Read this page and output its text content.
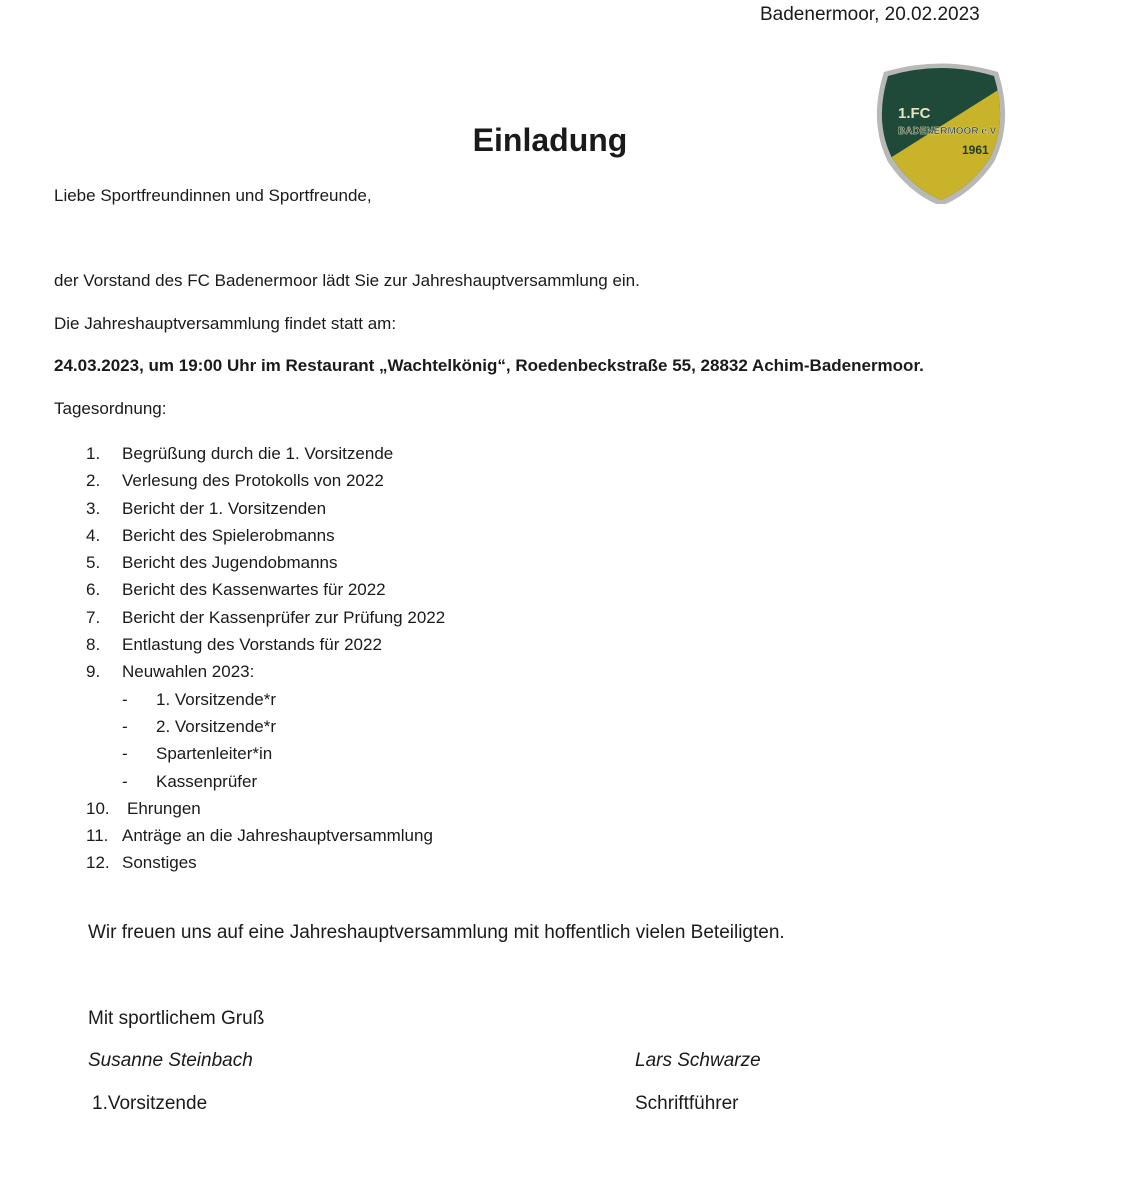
Badenermoor, 20.02.2023
1.FC
BADENERMOOR e.V
1961
Einladung
Liebe Sportfreundinnen und Sportfreunde,
der Vorstand des FC Badenermoor lädt Sie zur Jahreshauptversammlung ein.
Die Jahreshauptversammlung findet statt am:
24.03.2023, um 19:00 Uhr im Restaurant „Wachtelkönig“, Roedenbeckstraße 55, 28832 Achim-Badenermoor.
Tagesordnung:
1. Begrüßung durch die 1. Vorsitzende
2. Verlesung des Protokolls von 2022
3. Bericht der 1. Vorsitzenden
4. Bericht des Spielerobmanns
5. Bericht des Jugendobmanns
6. Bericht des Kassenwartes für 2022
7. Bericht der Kassenprüfer zur Prüfung 2022
8. Entlastung des Vorstands für 2022
9. Neuwahlen 2023:
- 1. Vorsitzende*r
- 2. Vorsitzende*r
- Spartenleiter*in
- Kassenprüfer
10. Ehrungen
11. Anträge an die Jahreshauptversammlung
12. Sonstiges
Wir freuen uns auf eine Jahreshauptversammlung mit hoffentlich vielen Beteiligten.
Mit sportlichem Gruß
Susanne Steinbach	Lars Schwarze
1.Vorsitzende	Schriftführer
